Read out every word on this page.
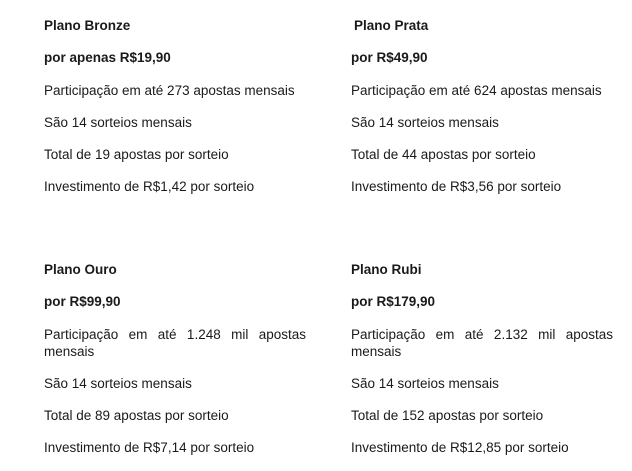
Plano Bronze
por apenas R$19,90
Participação em até 273 apostas mensais
São 14 sorteios mensais
Total de 19 apostas por sorteio
Investimento de R$1,42 por sorteio
Plano Prata
por R$49,90
Participação em até 624 apostas mensais
São 14 sorteios mensais
Total de 44 apostas por sorteio
Investimento de R$3,56 por sorteio
Plano Ouro
por R$99,90
Participação em até 1.248 mil apostas mensais
São 14 sorteios mensais
Total de 89 apostas por sorteio
Investimento de R$7,14 por sorteio
Plano Rubi
por R$179,90
Participação em até 2.132 mil apostas mensais
São 14 sorteios mensais
Total de 152 apostas por sorteio
Investimento de R$12,85 por sorteio
